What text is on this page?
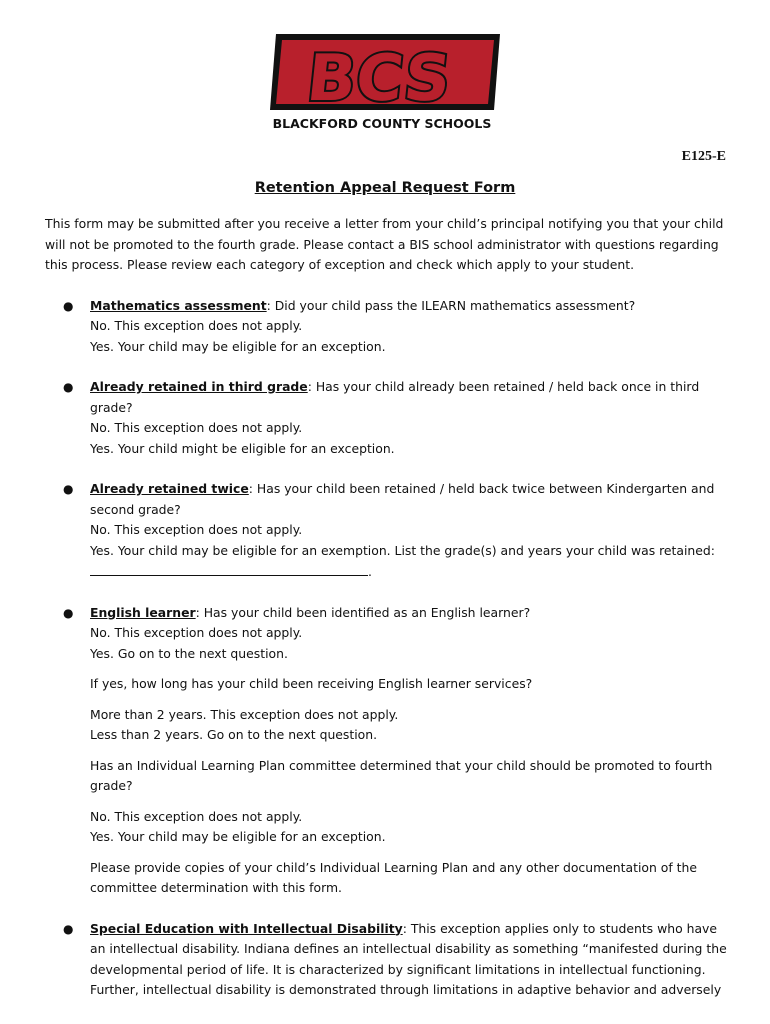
BCS
BLACKFORD COUNTY SCHOOLS
E125-E
Retention Appeal Request Form

This form may be submitted after you receive a letter from your child’s principal notifying you that your child will not be promoted to the fourth grade. Please contact a BIS school administrator with questions regarding this process. Please review each category of exception and check which apply to your student.

● Mathematics assessment: Did your child pass the ILEARN mathematics assessment?
No. This exception does not apply.
Yes. Your child may be eligible for an exception.
● Already retained in third grade: Has your child already been retained / held back once in third grade?
No. This exception does not apply.
Yes. Your child might be eligible for an exception.
● Already retained twice: Has your child been retained / held back twice between Kindergarten and second grade?
No. This exception does not apply.
Yes. Your child may be eligible for an exemption. List the grade(s) and years your child was retained:
.
● English learner: Has your child been identified as an English learner?
No. This exception does not apply.
Yes. Go on to the next question.
If yes, how long has your child been receiving English learner services?
More than 2 years. This exception does not apply.
Less than 2 years. Go on to the next question.
Has an Individual Learning Plan committee determined that your child should be promoted to fourth grade?
No. This exception does not apply.
Yes. Your child may be eligible for an exception.
Please provide copies of your child’s Individual Learning Plan and any other documentation of the committee determination with this form.
● Special Education with Intellectual Disability: This exception applies only to students who have an intellectual disability. Indiana defines an intellectual disability as something “manifested during the developmental period of life. It is characterized by significant limitations in intellectual functioning. Further, intellectual disability is demonstrated through limitations in adaptive behavior and adversely
